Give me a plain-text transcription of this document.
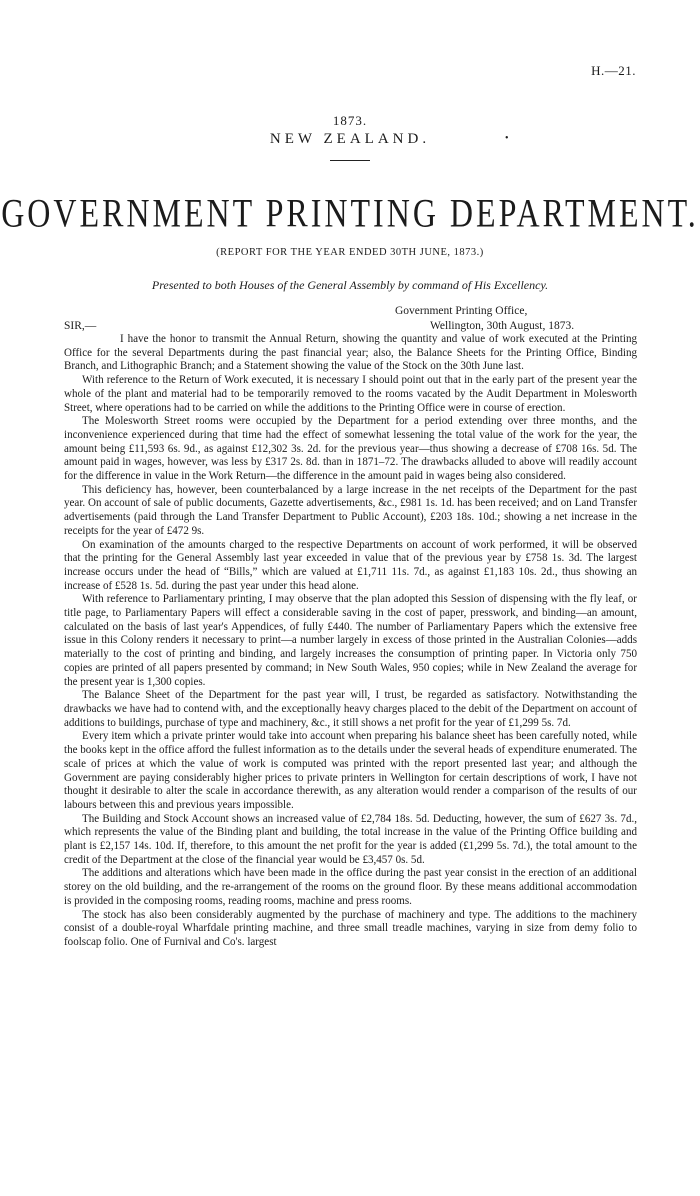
H.—21.
1873.
NEW ZEALAND.	•
GOVERNMENT PRINTING DEPARTMENT.
(REPORT FOR THE YEAR ENDED 30TH JUNE, 1873.)
Presented to both Houses of the General Assembly by command of His Excellency.
Government Printing Office,
SIR,—	Wellington, 30th August, 1873.

I have the honor to transmit the Annual Return, showing the quantity and value of work executed at the Printing Office for the several Departments during the past financial year; also, the Balance Sheets for the Printing Office, Binding Branch, and Lithographic Branch; and a Statement showing the value of the Stock on the 30th June last.

With reference to the Return of Work executed, it is necessary I should point out that in the early part of the present year the whole of the plant and material had to be temporarily removed to the rooms vacated by the Audit Department in Molesworth Street, where operations had to be carried on while the additions to the Printing Office were in course of erection.

The Molesworth Street rooms were occupied by the Department for a period extending over three months, and the inconvenience experienced during that time had the effect of somewhat lessening the total value of the work for the year, the amount being £11,593 6s. 9d., as against £12,302 3s. 2d. for the previous year—thus showing a decrease of £708 16s. 5d. The amount paid in wages, however, was less by £317 2s. 8d. than in 1871–72. The drawbacks alluded to above will readily account for the difference in value in the Work Return—the difference in the amount paid in wages being also considered.

This deficiency has, however, been counterbalanced by a large increase in the net receipts of the Department for the past year. On account of sale of public documents, Gazette advertisements, &c., £981 1s. 1d. has been received; and on Land Transfer advertisements (paid through the Land Transfer Department to Public Account), £203 18s. 10d.; showing a net increase in the receipts for the year of £472 9s.

On examination of the amounts charged to the respective Departments on account of work performed, it will be observed that the printing for the General Assembly last year exceeded in value that of the previous year by £758 1s. 3d. The largest increase occurs under the head of “Bills,” which are valued at £1,711 11s. 7d., as against £1,183 10s. 2d., thus showing an increase of £528 1s. 5d. during the past year under this head alone.

With reference to Parliamentary printing, I may observe that the plan adopted this Session of dispensing with the fly leaf, or title page, to Parliamentary Papers will effect a considerable saving in the cost of paper, presswork, and binding—an amount, calculated on the basis of last year's Appendices, of fully £440. The number of Parliamentary Papers which the extensive free issue in this Colony renders it necessary to print—a number largely in excess of those printed in the Australian Colonies—adds materially to the cost of printing and binding, and largely increases the consumption of printing paper. In Victoria only 750 copies are printed of all papers presented by command; in New South Wales, 950 copies; while in New Zealand the average for the present year is 1,300 copies.

The Balance Sheet of the Department for the past year will, I trust, be regarded as satisfactory. Notwithstanding the drawbacks we have had to contend with, and the exceptionally heavy charges placed to the debit of the Department on account of additions to buildings, purchase of type and machinery, &c., it still shows a net profit for the year of £1,299 5s. 7d.

Every item which a private printer would take into account when preparing his balance sheet has been carefully noted, while the books kept in the office afford the fullest information as to the details under the several heads of expenditure enumerated. The scale of prices at which the value of work is computed was printed with the report presented last year; and although the Government are paying considerably higher prices to private printers in Wellington for certain descriptions of work, I have not thought it desirable to alter the scale in accordance therewith, as any alteration would render a comparison of the results of our labours between this and previous years impossible.

The Building and Stock Account shows an increased value of £2,784 18s. 5d. Deducting, however, the sum of £627 3s. 7d., which represents the value of the Binding plant and building, the total increase in the value of the Printing Office building and plant is £2,157 14s. 10d. If, therefore, to this amount the net profit for the year is added (£1,299 5s. 7d.), the total amount to the credit of the Department at the close of the financial year would be £3,457 0s. 5d.

The additions and alterations which have been made in the office during the past year consist in the erection of an additional storey on the old building, and the re-arrangement of the rooms on the ground floor. By these means additional accommodation is provided in the composing rooms, reading rooms, machine and press rooms.

The stock has also been considerably augmented by the purchase of machinery and type. The additions to the machinery consist of a double-royal Wharfdale printing machine, and three small treadle machines, varying in size from demy folio to foolscap folio. One of Furnival and Co's. largest
